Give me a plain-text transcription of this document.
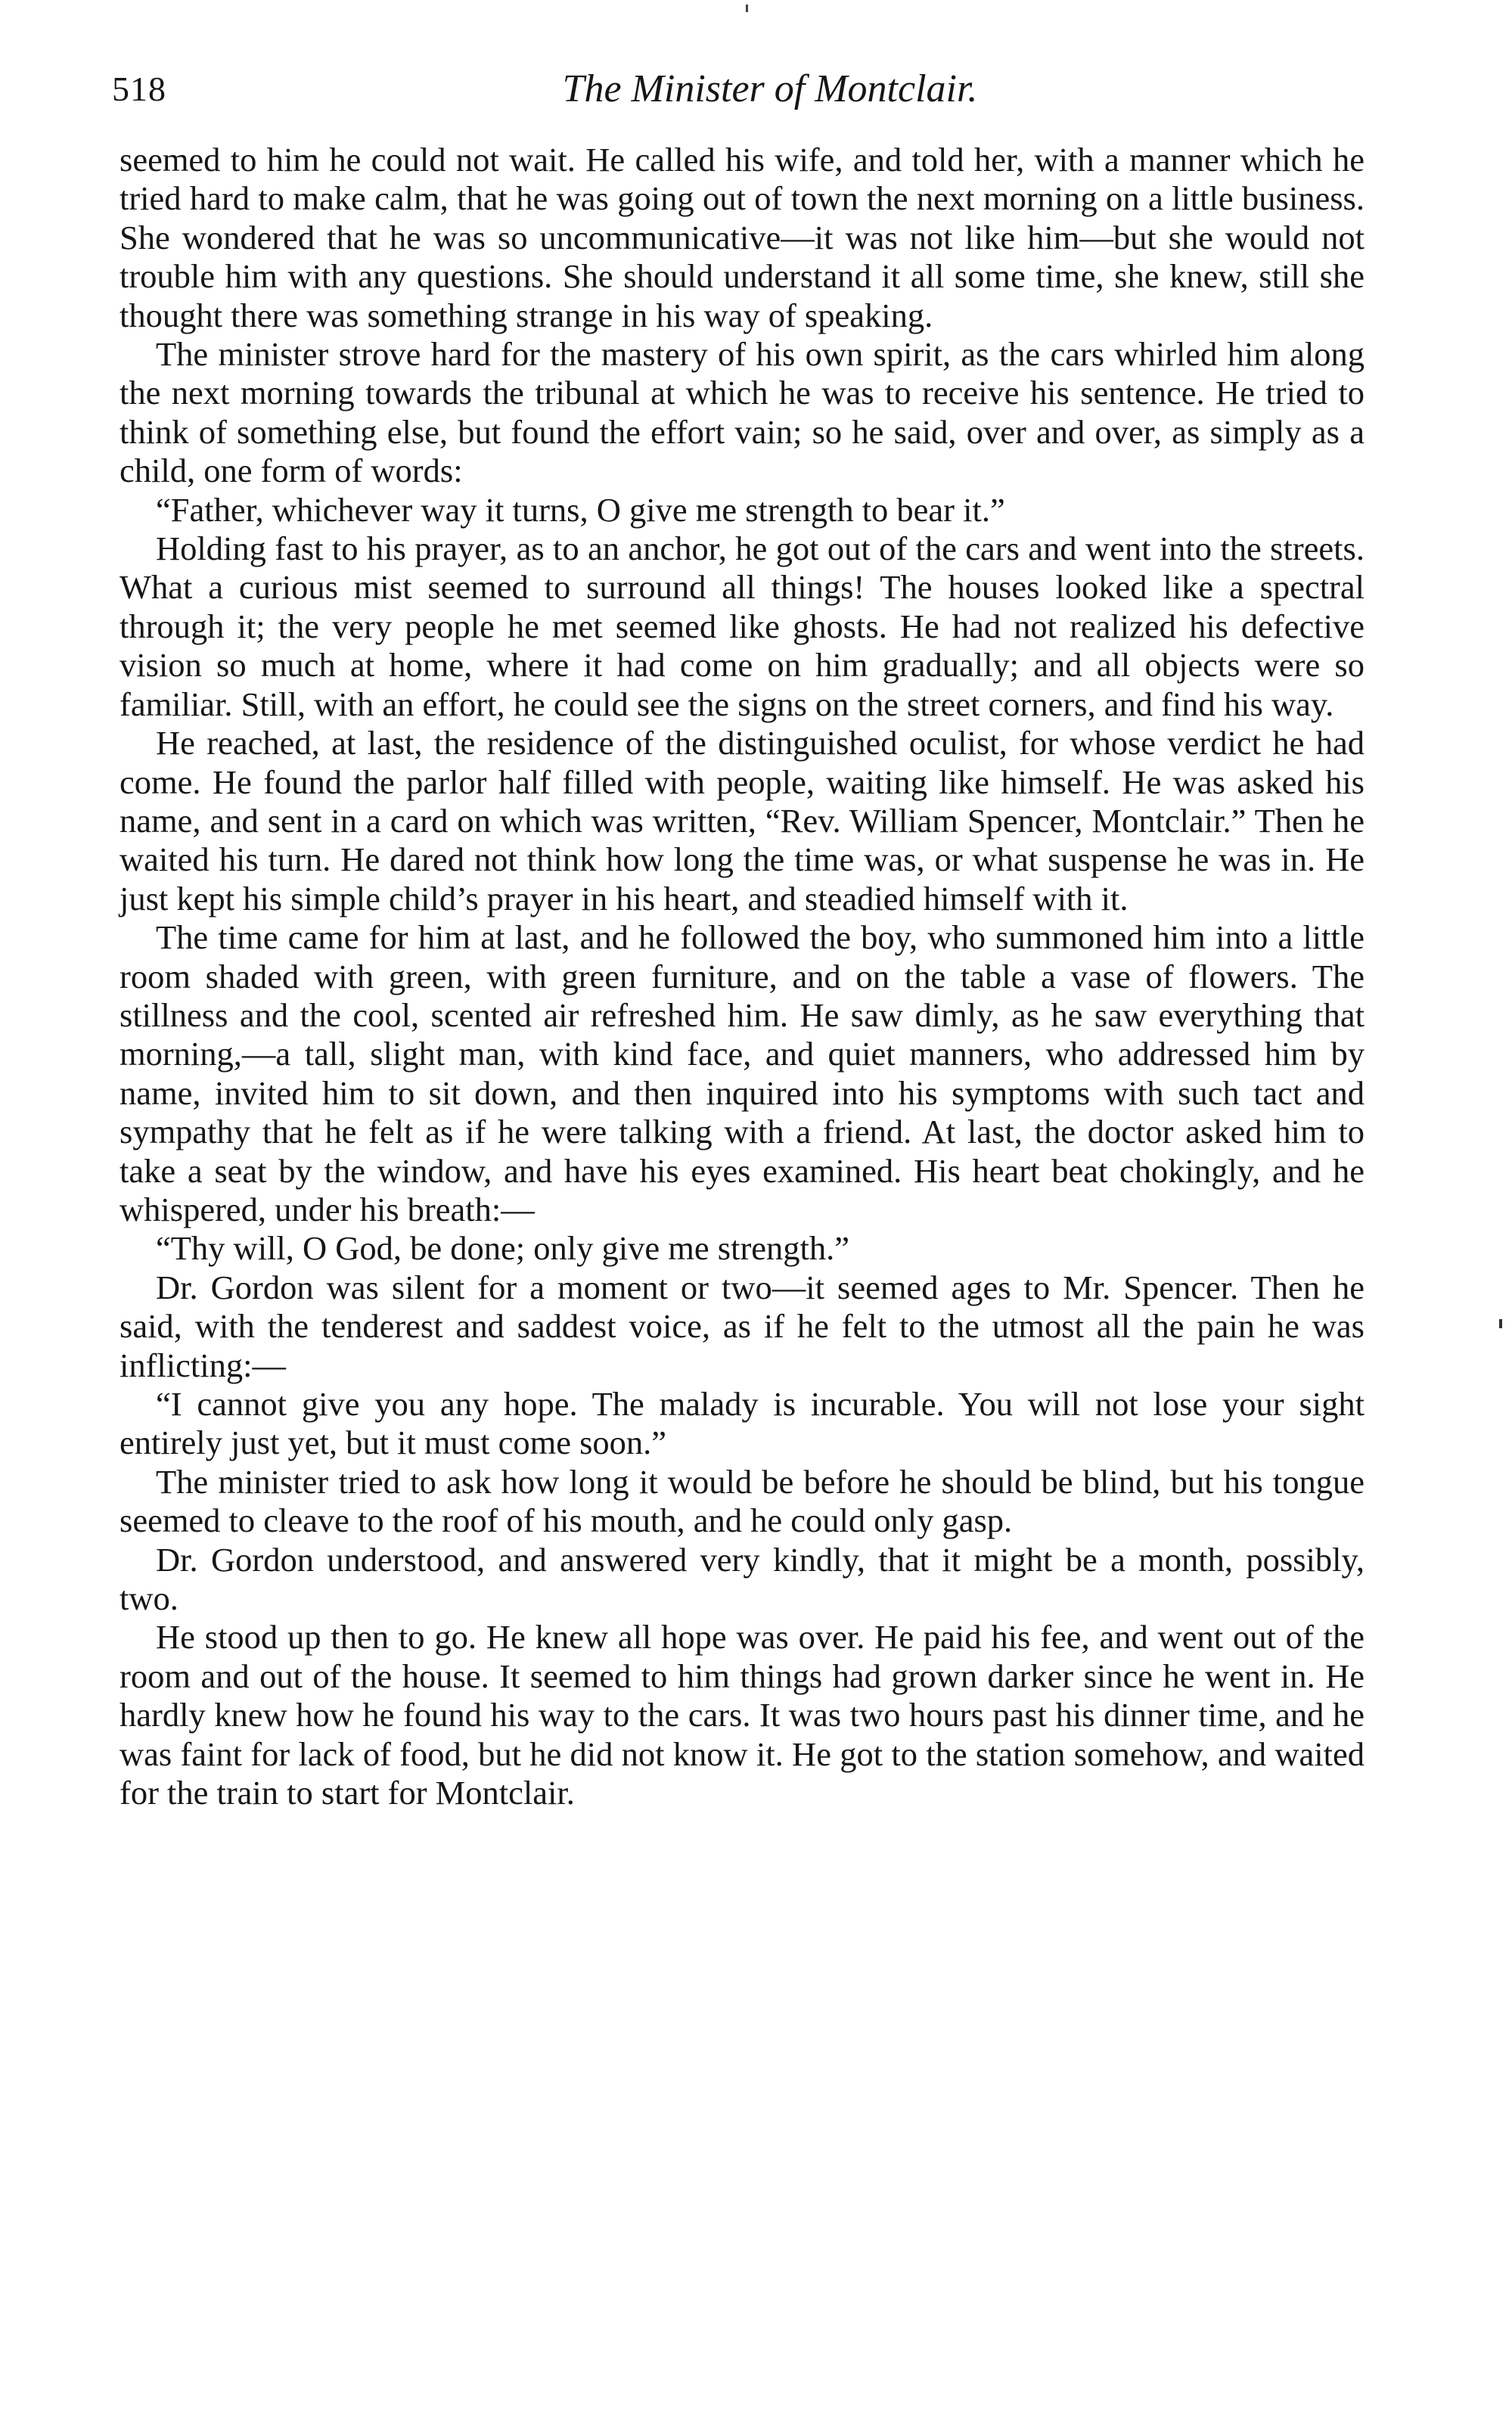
518	The Minister of Montclair.

seemed to him he could not wait. He called his wife, and told her, with a manner which he tried hard to make calm, that he was going out of town the next morning on a little business. She wondered that he was so uncommunicative—it was not like him—but she would not trouble him with any questions. She should understand it all some time, she knew, still she thought there was something strange in his way of speaking.

The minister strove hard for the mastery of his own spirit, as the cars whirled him along the next morning towards the tribunal at which he was to receive his sentence. He tried to think of something else, but found the effort vain; so he said, over and over, as simply as a child, one form of words:

“Father, whichever way it turns, O give me strength to bear it.”

Holding fast to his prayer, as to an anchor, he got out of the cars and went into the streets. What a curious mist seemed to surround all things! The houses looked like a spectral through it; the very people he met seemed like ghosts. He had not realized his defective vision so much at home, where it had come on him gradually; and all objects were so familiar. Still, with an effort, he could see the signs on the street corners, and find his way.

He reached, at last, the residence of the distinguished oculist, for whose verdict he had come. He found the parlor half filled with people, waiting like himself. He was asked his name, and sent in a card on which was written, “Rev. William Spencer, Montclair.” Then he waited his turn. He dared not think how long the time was, or what suspense he was in. He just kept his simple child’s prayer in his heart, and steadied himself with it.

The time came for him at last, and he followed the boy, who summoned him into a little room shaded with green, with green furniture, and on the table a vase of flowers. The stillness and the cool, scented air refreshed him. He saw dimly, as he saw everything that morning,—a tall, slight man, with kind face, and quiet manners, who addressed him by name, invited him to sit down, and then inquired into his symptoms with such tact and sympathy that he felt as if he were talking with a friend. At last, the doctor asked him to take a seat by the window, and have his eyes examined. His heart beat chokingly, and he whispered, under his breath:—

“Thy will, O God, be done; only give me strength.”

Dr. Gordon was silent for a moment or two—it seemed ages to Mr. Spencer. Then he said, with the tenderest and saddest voice, as if he felt to the utmost all the pain he was inflicting:—

“I cannot give you any hope. The malady is incurable. You will not lose your sight entirely just yet, but it must come soon.”

The minister tried to ask how long it would be before he should be blind, but his tongue seemed to cleave to the roof of his mouth, and he could only gasp.

Dr. Gordon understood, and answered very kindly, that it might be a month, possibly, two.

He stood up then to go. He knew all hope was over. He paid his fee, and went out of the room and out of the house. It seemed to him things had grown darker since he went in. He hardly knew how he found his way to the cars. It was two hours past his dinner time, and he was faint for lack of food, but he did not know it. He got to the station somehow, and waited for the train to start for Montclair.
